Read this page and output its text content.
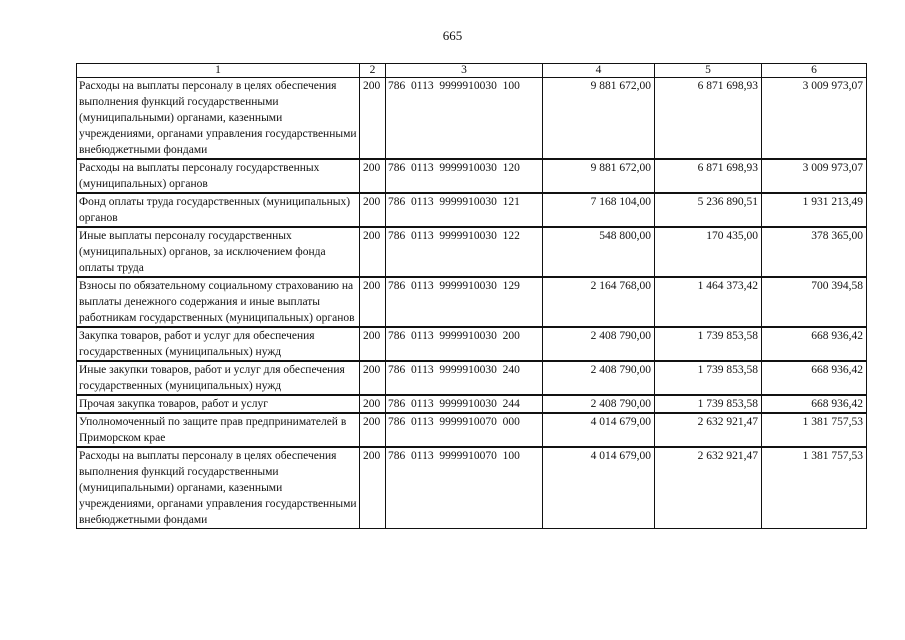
665
1	2	3	4	5	6
Расходы на выплаты персоналу в целях обеспечения выполнения функций государственными (муниципальными) органами, казенными учреждениями, органами управления государственными внебюджетными фондами	200	786  0113  9999910030  100	9 881 672,00	6 871 698,93	3 009 973,07
Расходы на выплаты персоналу государственных (муниципальных) органов	200	786  0113  9999910030  120	9 881 672,00	6 871 698,93	3 009 973,07
Фонд оплаты труда государственных (муниципальных) органов	200	786  0113  9999910030  121	7 168 104,00	5 236 890,51	1 931 213,49
Иные выплаты персоналу государственных (муниципальных) органов, за исключением фонда оплаты труда	200	786  0113  9999910030  122	548 800,00	170 435,00	378 365,00
Взносы по обязательному социальному страхованию на выплаты денежного содержания и иные выплаты работникам государственных (муниципальных) органов	200	786  0113  9999910030  129	2 164 768,00	1 464 373,42	700 394,58
Закупка товаров, работ и услуг для обеспечения государственных (муниципальных) нужд	200	786  0113  9999910030  200	2 408 790,00	1 739 853,58	668 936,42
Иные закупки товаров, работ и услуг для обеспечения государственных (муниципальных) нужд	200	786  0113  9999910030  240	2 408 790,00	1 739 853,58	668 936,42
Прочая закупка товаров, работ и услуг	200	786  0113  9999910030  244	2 408 790,00	1 739 853,58	668 936,42
Уполномоченный по защите прав предпринимателей в Приморском крае	200	786  0113  9999910070  000	4 014 679,00	2 632 921,47	1 381 757,53
Расходы на выплаты персоналу в целях обеспечения выполнения функций государственными (муниципальными) органами, казенными учреждениями, органами управления государственными внебюджетными фондами	200	786  0113  9999910070  100	4 014 679,00	2 632 921,47	1 381 757,53
